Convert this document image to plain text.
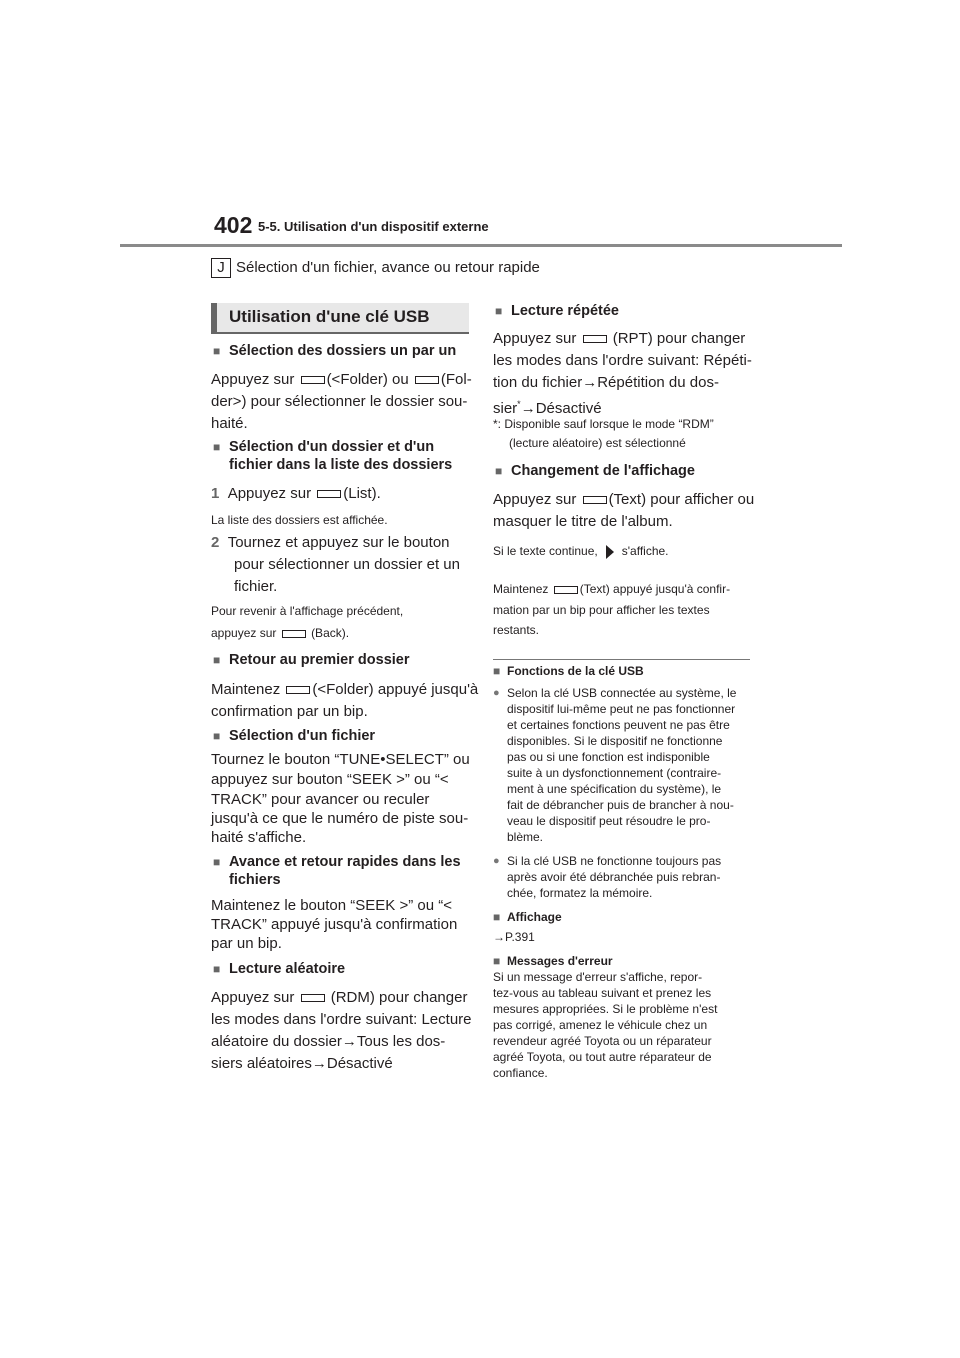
402 5-5. Utilisation d'un dispositif externe
J Sélection d'un fichier, avance ou retour rapide
Utilisation d'une clé USB
■ Sélection des dossiers un par un
Appuyez sur (<Folder) ou (Fol-
der>) pour sélectionner le dossier sou-
haité.
■ Sélection d'un dossier et d'un
fichier dans la liste des dossiers
1 Appuyez sur (List).
La liste des dossiers est affichée.
2 Tournez et appuyez sur le bouton
pour sélectionner un dossier et un
fichier.
Pour revenir à l'affichage précédent,
appuyez sur	(Back).
■ Retour au premier dossier
Maintenez (<Folder) appuyé jusqu'à
confirmation par un bip.
■ Sélection d'un fichier
Tournez le bouton “TUNE•SELECT” ou
appuyez sur bouton “SEEK >” ou “<
TRACK” pour avancer ou reculer
jusqu'à ce que le numéro de piste sou-
haité s'affiche.
■ Avance et retour rapides dans les
fichiers
Maintenez le bouton “SEEK >” ou “<
TRACK” appuyé jusqu'à confirmation
par un bip.
■ Lecture aléatoire
Appuyez sur (RDM) pour changer
les modes dans l'ordre suivant: Lecture
aléatoire du dossier→Tous les dos-
siers aléatoires→Désactivé
■ Lecture répétée
Appuyez sur (RPT) pour changer
les modes dans l'ordre suivant: Répéti-
tion du fichier→Répétition du dos-
sier*→Désactivé
*: Disponible sauf lorsque le mode “RDM”
(lecture aléatoire) est sélectionné
■ Changement de l'affichage
Appuyez sur (Text) pour afficher ou
masquer le titre de l'album.
Si le texte continue, s'affiche.
Maintenez	(Text) appuyé jusqu'à confir-
mation par un bip pour afficher les textes
restants.
■ Fonctions de la clé USB
● Selon la clé USB connectée au système, le
dispositif lui-même peut ne pas fonctionner
et certaines fonctions peuvent ne pas être
disponibles. Si le dispositif ne fonctionne
pas ou si une fonction est indisponible
suite à un dysfonctionnement (contraire-
ment à une spécification du système), le
fait de débrancher puis de brancher à nou-
veau le dispositif peut résoudre le pro-
blème.
● Si la clé USB ne fonctionne toujours pas
après avoir été débranchée puis rebran-
chée, formatez la mémoire.
■ Affichage
→P.391
■ Messages d'erreur
Si un message d'erreur s'affiche, repor-
tez-vous au tableau suivant et prenez les
mesures appropriées. Si le problème n'est
pas corrigé, amenez le véhicule chez un
revendeur agréé Toyota ou un réparateur
agréé Toyota, ou tout autre réparateur de
confiance.
